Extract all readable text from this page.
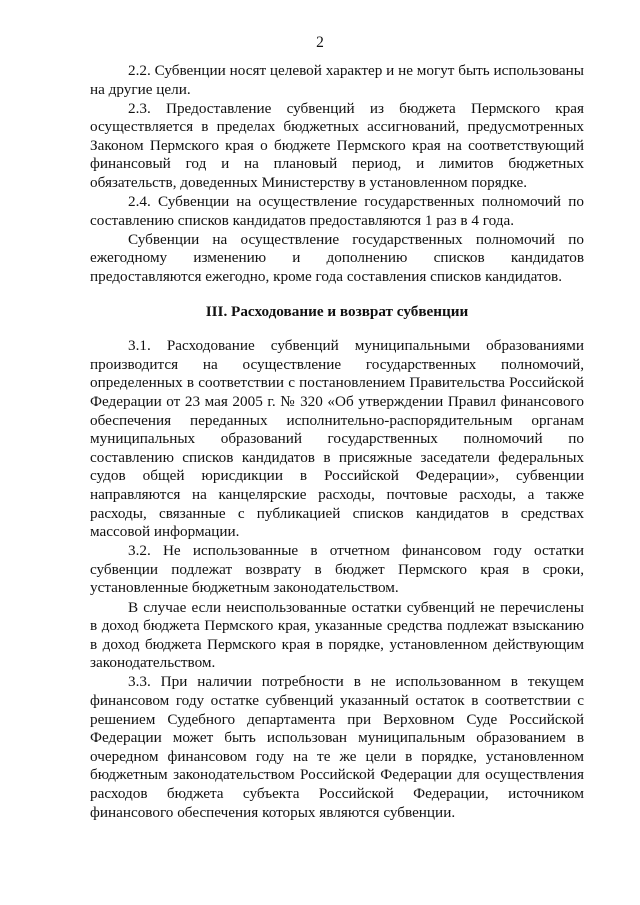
2

2.2. Субвенции носят целевой характер и не могут быть использованы на другие цели.

2.3. Предоставление субвенций из бюджета Пермского края осуществляется в пределах бюджетных ассигнований, предусмотренных Законом Пермского края о бюджете Пермского края на соответствующий финансовый год и на плановый период, и лимитов бюджетных обязательств, доведенных Министерству в установленном порядке.

2.4. Субвенции на осуществление государственных полномочий по составлению списков кандидатов предоставляются 1 раз в 4 года.

Субвенции на осуществление государственных полномочий по ежегодному изменению и дополнению списков кандидатов предоставляются ежегодно, кроме года составления списков кандидатов.

III. Расходование и возврат субвенции

3.1. Расходование субвенций муниципальными образованиями производится на осуществление государственных полномочий, определенных в соответствии с постановлением Правительства Российской Федерации от 23 мая 2005 г. № 320 «Об утверждении Правил финансового обеспечения переданных исполнительно-распорядительным органам муниципальных образований государственных полномочий по составлению списков кандидатов в присяжные заседатели федеральных судов общей юрисдикции в Российской Федерации», субвенции направляются на канцелярские расходы, почтовые расходы, а также расходы, связанные с публикацией списков кандидатов в средствах массовой информации.

3.2. Не использованные в отчетном финансовом году остатки субвенции подлежат возврату в бюджет Пермского края в сроки, установленные бюджетным законодательством.

В случае если неиспользованные остатки субвенций не перечислены в доход бюджета Пермского края, указанные средства подлежат взысканию в доход бюджета Пермского края в порядке, установленном действующим законодательством.

3.3. При наличии потребности в не использованном в текущем финансовом году остатке субвенций указанный остаток в соответствии с решением Судебного департамента при Верховном Суде Российской Федерации может быть использован муниципальным образованием в очередном финансовом году на те же цели в порядке, установленном бюджетным законодательством Российской Федерации для осуществления расходов бюджета субъекта Российской Федерации, источником финансового обеспечения которых являются субвенции.
